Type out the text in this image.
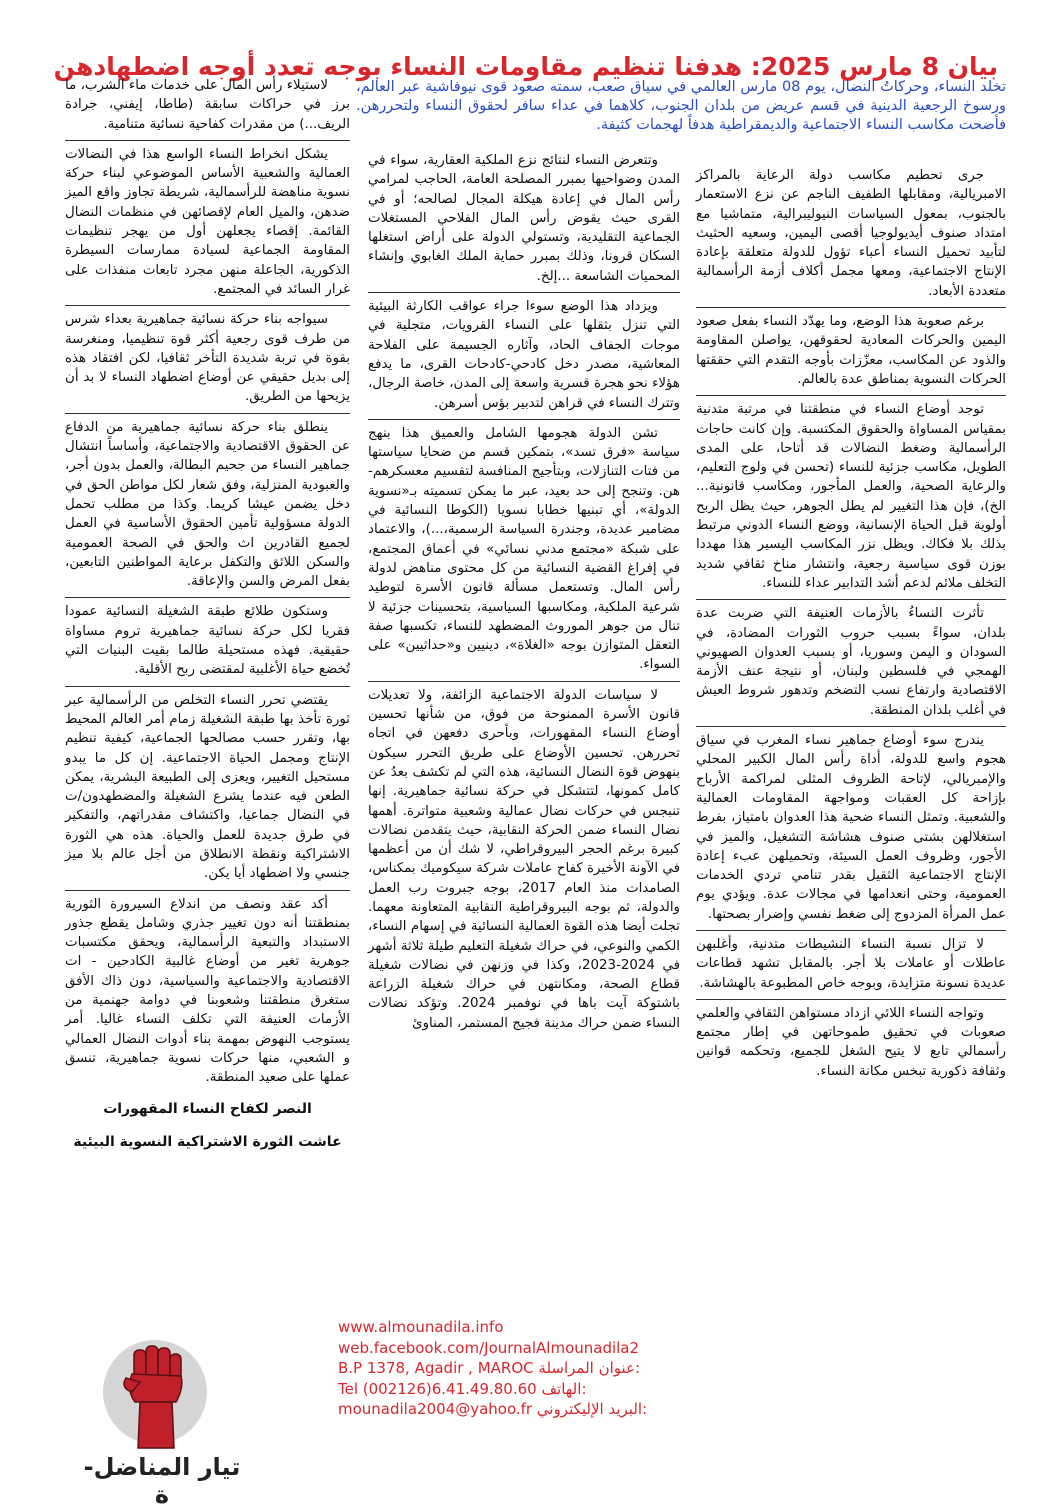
بيان 8 مارس 2025: هدفنا تنظيم مقاومات النساء بوجه تعدد أوجه اضطهادهن
تخلد النساء، وحركاتُ النضال، يوم 08 مارس العالمي في سياق صعب، سمته صعود قوى نيوفاشية عبر العالم، ورسوخ الرجعية الدينية في قسم عريض من بلدان الجنوب، كلاهما في عداء سافر لحقوق النساء ولتحررهن. فأضحت مكاسب النساء الاجتماعية والديمقراطية هدفاً لهجمات كثيفة.

جرى تحطيم مكاسب دولة الرعاية بالمراكز الامبريالية، ومقابلها الطفيف الناجم عن نزع الاستعمار بالجنوب، بمعول السياسات النيوليبرالية، متماشيا مع امتداد صنوف أيديولوجيا أقصى اليمين، وسعيه الحثيث لتأبيد تحميل النساء أعباء تؤول للدولة متعلقة بإعادة الإنتاج الاجتماعية، ومعها مجمل أكلاف أزمة الرأسمالية متعددة الأبعاد.

برغم صعوبة هذا الوضع، وما يهدّد النساء بفعل صعود اليمين والحركات المعادية لحقوقهن، يواصلن المقاومة والذود عن المكاسب، معزّزات بأوجه التقدم التي حققتها الحركات النسوية بمناطق عدة بالعالم.

توجد أوضاع النساء في منطقتنا في مرتبة متدنية بمقياس المساواة والحقوق المكتسبة. وإن كانت حاجات الرأسمالية وضغط النضالات قد أتاحا، على المدى الطويل، مكاسب جزئية للنساء (تحسن في ولوج التعليم، والرعاية الصحية، والعمل المأجور، ومكاسب قانونية... الخ)، فإن هذا التغيير لم يطل الجوهر، حيث يظل الربح أولوية قبل الحياة الإنسانية، ووضع النساء الدوني مرتبط بذلك بلا فكاك. ويظل نزر المكاسب اليسير هذا مهددا بوزن قوى سياسية رجعية، وانتشار مناخ ثقافي شديد التخلف ملائم لدعم أشد التدابير عداء للنساء.

تأثرت النساءُ بالأزمات العنيفة التي ضربت عدة بلدان، سواءً بسبب حروب الثورات المضادة، في السودان و اليمن وسوريا، أو بسبب العدوان الصهيوني الهمجي في فلسطين ولبنان، أو نتيجة عنف الأزمة الاقتصادية وارتفاع نسب التضخم وتدهور شروط العيش في أغلب بلدان المنطقة.

يندرج سوء أوضاع جماهير نساء المغرب في سياق هجوم واسع للدولة، أداة رأس المال الكبير المحلي والإمبريالي، لإتاحة الظروف المثلى لمراكمة الأرباح بإزاحة كل العقبات ومواجهة المقاومات العمالية والشعبية. وتمثل النساء ضحية هذا العدوان بامتياز، بفرط استغلالهن بشتى صنوف هشاشة التشغيل، والميز في الأجور، وظروف العمل السيئة، وتحميلهن عبء إعادة الإنتاج الاجتماعية الثقيل بقدر تنامي تردي الخدمات العمومية، وحتى انعدامها في مجالات عدة. ويؤدي يوم عمل المرأة المزدوج إلى ضغط نفسي وإضرار بصحتها.

لا تزال نسبة النساء النشيطات متدنية، وأغلبهن عاطلات أو عاملات بلا أجر. بالمقابل تشهد قطاعات عديدة نسونة متزايدة، وبوجه خاص المطبوعة بالهشاشة.

وتواجه النساء اللائي ازداد مستواهن الثقافي والعلمي صعوبات في تحقيق طموحاتهن في إطار مجتمع رأسمالي تابع لا يتيح الشغل للجميع، وتحكمه قوانين وثقافة ذكورية تبخس مكانة النساء.

وتتعرض النساء لنتائج نزع الملكية العقارية، سواء في المدن وضواحيها بمبرر المصلحة العامة، الحاجب لمرامي رأس المال في إعادة هيكلة المجال لصالحه؛ أو في القرى حيث يقوض رأس المال الفلاحي المستغلات الجماعية التقليدية، وتستولي الدولة على أراض استغلها السكان قرونا، وذلك بمبرر حماية الملك الغابوي وإنشاء المحميات الشاسعة ...إلخ.

ويزداد هذا الوضع سوءا جراء عواقب الكارثة البيئية التي تنزل بثقلها على النساء القرويات، متجلية في موجات الجفاف الحاد، وآثاره الجسيمة على الفلاحة المعاشية، مصدر دخل كادحي-كادحات القرى، ما يدفع هؤلاء نحو هجرة قسرية واسعة إلى المدن، خاصة الرجال، وتترك النساء في قراهن لتدبير بؤس أسرهن.

تشن الدولة هجومها الشامل والعميق هذا بنهج سياسة «فرق تسد»، بتمكين قسم من ضحايا سياستها من فتات التنازلات، وبتأجيج المنافسة لتقسيم معسكرهم-هن. وتنجح إلى حد بعيد، عبر ما يمكن تسميته بـ«نسوية الدولة»، أي تبنيها خطابا نسويا (الكوطا النسائية في مضامير عديدة، وجندرة السياسة الرسمية،...)، والاعتماد على شبكة «مجتمع مدني نسائي» في أعماق المجتمع، في إفراغ القضية النسائية من كل محتوى مناهض لدولة رأس المال. وتستعمل مسألة قانون الأسرة لتوطيد شرعية الملكية، ومكاسبها السياسية، بتحسينات جزئية لا تنال من جوهر الموروث المضطهد للنساء، تكسبها صفة التعقل المتوازن بوجه «الغلاة»، دينيين و«حداثيين» على السواء.

لا سياسات الدولة الاجتماعية الزائفة، ولا تعديلات قانون الأسرة الممنوحة من فوق، من شأنها تحسين أوضاع النساء المقهورات، وبأحرى دفعهن في اتجاه تحررهن. تحسين الأوضاع على طريق التحرر سيكون بنهوض قوة النضال النسائية، هذه التي لم تكشف بعدُ عن كامل كمونها، لتتشكل في حركة نسائية جماهيرية. إنها تنبجس في حركات نضال عمالية وشعبية متواترة. أهمها نضال النساء ضمن الحركة النقابية، حيث يتقدمن نضالات كبيرة برغم الحجر البيروقراطي، لا شك أن من أعظمها في الآونة الأخيرة كفاح عاملات شركة سيكوميك بمكناس، الصامدات منذ العام 2017، بوجه جبروت رب العمل والدولة، ثم بوجه البيروقراطية النقابية المتعاونة معهما. تجلت أيضا هذه القوة العمالية النسائية في إسهام النساء، الكمي والنوعي، في حراك شغيلة التعليم طيلة ثلاثة أشهر في 2024-2023، وكذا في وزنهن في نضالات شغيلة قطاع الصحة، ومكانتهن في حراك شغيلة الزراعة باشتوكة آيت باها في نوفمبر 2024. وتؤكد نضالات النساء ضمن حراك مدينة فجيج المستمر، المناوئ

لاستيلاء رأس المال على خدمات ماء الشرب، ما برز في حراكات سابقة (طاطا، إيفني، جرادة الريف...) من مقدرات كفاحية نسائية متنامية.

يشكل انخراط النساء الواسع هذا في النضالات العمالية والشعبية الأساس الموضوعي لبناء حركة نسوية مناهضة للرأسمالية، شريطة تجاوز واقع الميز ضدهن، والميل العام لإقصائهن في منظمات النضال القائمة. إقصاء يجعلهن أول من يهجر تنظيمات المقاومة الجماعية لسيادة ممارسات السيطرة الذكورية، الجاعلة منهن مجرد تابعات منفذات على غرار السائد في المجتمع.

سيواجه بناء حركة نسائية جماهيرية بعداء شرس من طرف قوى رجعية أكثر قوة تنظيميا، ومنغرسة بقوة في تربة شديدة التأخر ثقافيا، لكن افتقاد هذه إلى بديل حقيقي عن أوضاع اضطهاد النساء لا بد أن يزيحها من الطريق.

ينطلق بناء حركة نسائية جماهيرية من الدفاع عن الحقوق الاقتصادية والاجتماعية، وأساساً انتشال جماهير النساء من جحيم البطالة، والعمل بدون أجر، والعبودية المنزلية، وفق شعار لكل مواطن الحق في دخل يضمن عيشا كريما. وكذا من مطلب تحمل الدولة مسؤولية تأمين الحقوق الأساسية في العمل لجميع القادرين اث والحق في الصحة العمومية والسكن اللائق والتكفل برعاية المواطنين التابعين، بفعل المرض والسن والإعاقة.

وستكون طلائع طبقة الشغيلة النسائية عمودا فقريا لكل حركة نسائية جماهيرية تروم مساواة حقيقية. فهذه مستحيلة طالما بقيت البنيات التي تُخضع حياة الأغلبية لمقتضى ربح الأقلية.

يقتضي تحرر النساء التخلص من الرأسمالية عبر ثورة تأخذ بها طبقة الشغيلة زمام أمر العالم المحيط بها، وتقرر حسب مصالحها الجماعية، كيفية تنظيم الإنتاج ومجمل الحياة الاجتماعية. إن كل ما يبدو مستحيل التغيير، ويعزى إلى الطبيعة البشرية، يمكن الطعن فيه عندما يشرع الشغيلة والمضطهدون/ت في النضال جماعيا، واكتشاف مقدراتهم، والتفكير في طرق جديدة للعمل والحياة. هذه هي الثورة الاشتراكية ونقطة الانطلاق من أجل عالم بلا ميز جنسي ولا اضطهاد أيا يكن.

أكد عقد ونصف من اندلاع السيرورة الثورية بمنطقتنا أنه دون تغيير جذري وشامل يقطع جذور الاستبداد والتبعية الرأسمالية، ويحقق مكتسبات جوهرية تغير من أوضاع غالبية الكادحين - ات الاقتصادية والاجتماعية والسياسية، دون ذاك الأفق ستغرق منطقتنا وشعوبنا في دوامة جهنمية من الأزمات العنيفة التي تكلف النساء غاليا. أمر يستوجب النهوض بمهمة بناء أدوات النضال العمالي و الشعبي، منها حركات نسوية جماهيرية، تنسق عملها على صعيد المنطقة.

النصر لكفاح النساء المقهورات
عاشت الثورة الاشتراكية النسوية البيئية
www.almounadila.info
web.facebook.com/JournalAlmounadila2
B.P 1378, Agadir , MAROC عنوان المراسلة:
Tel (002126)6.41.49.80.60 الهاتف:
mounadila2004@yahoo.fr البريد الإليكتروني:
تيار المناضل-ة
